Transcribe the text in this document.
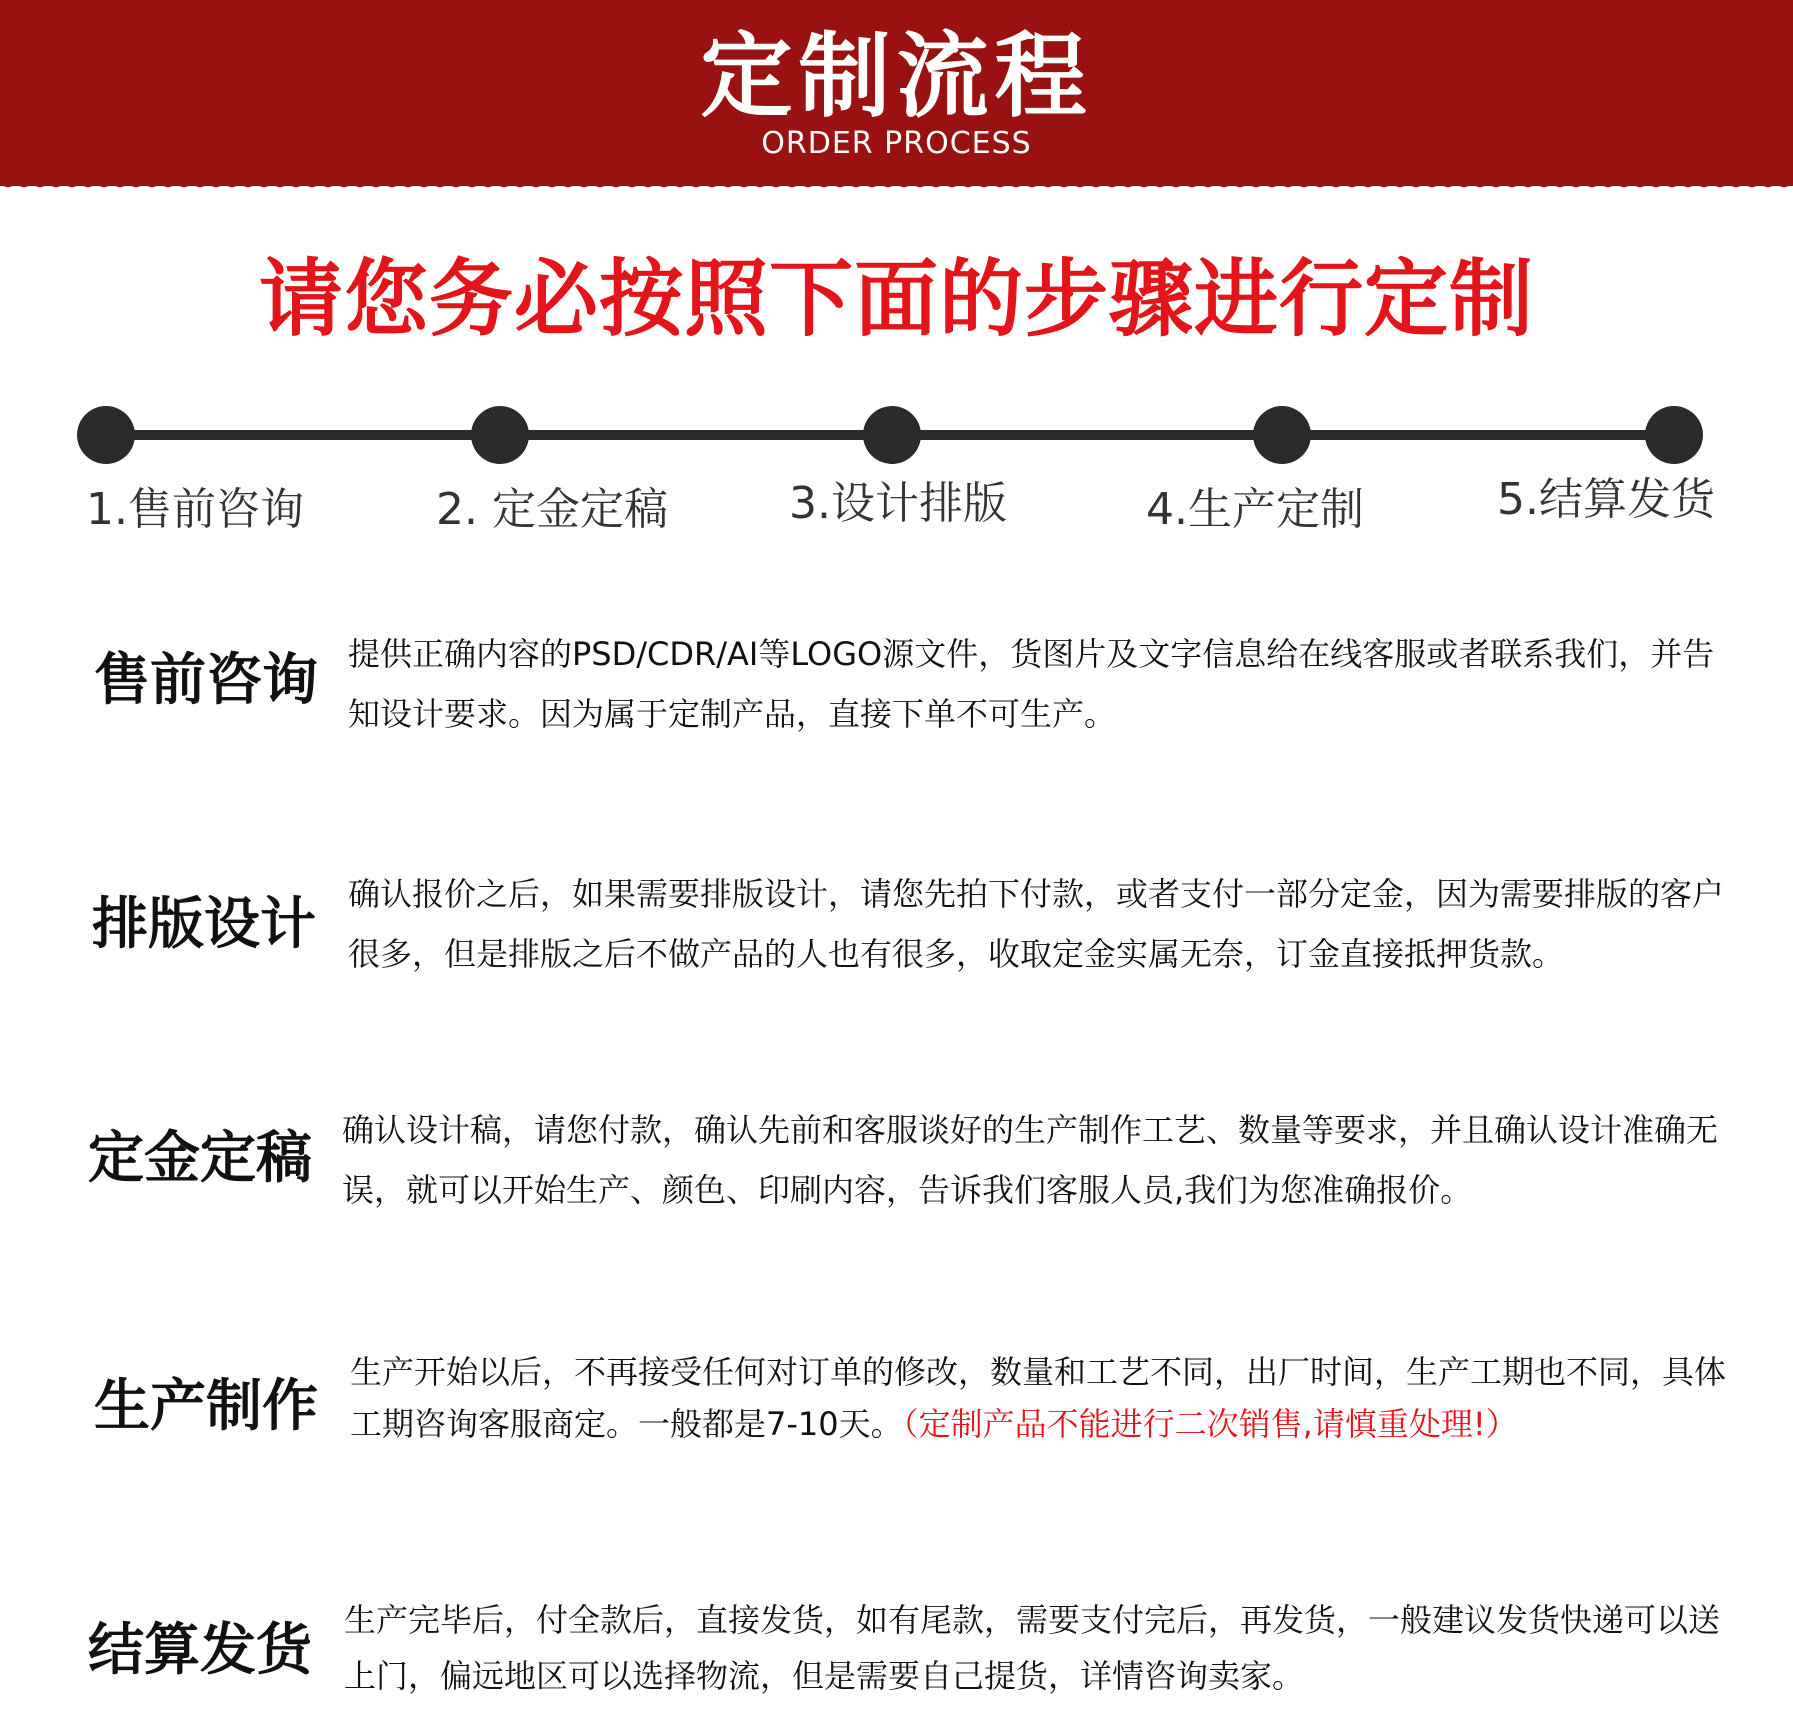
定制流程
ORDER PROCESS
请您务必按照下面的步骤进行定制
1.售前咨询	2. 定金定稿	3.设计排版	4.生产定制	5.结算发货
售前咨询 提供正确内容的PSD/CDR/AI等LOGO源文件，货图片及文字信息给在线客服或者联系我们，并告知设计要求。因为属于定制产品，直接下单不可生产。
排版设计 确认报价之后，如果需要排版设计，请您先拍下付款，或者支付一部分定金，因为需要排版的客户很多，但是排版之后不做产品的人也有很多，收取定金实属无奈，订金直接抵押货款。
定金定稿 确认设计稿，请您付款，确认先前和客服谈好的生产制作工艺、数量等要求，并且确认设计准确无误，就可以开始生产、颜色、印刷内容，告诉我们客服人员,我们为您准确报价。
生产制作
生产开始以后，不再接受任何对订单的修改，数量和工艺不同，出厂时间，生产工期也不同，具体工期咨询客服商定。一般都是7-10天。（定制产品不能进行二次销售,请慎重处理!）
结算发货 生产完毕后，付全款后，直接发货，如有尾款，需要支付完后，再发货，一般建议发货快递可以送上门，偏远地区可以选择物流，但是需要自己提货，详情咨询卖家。
